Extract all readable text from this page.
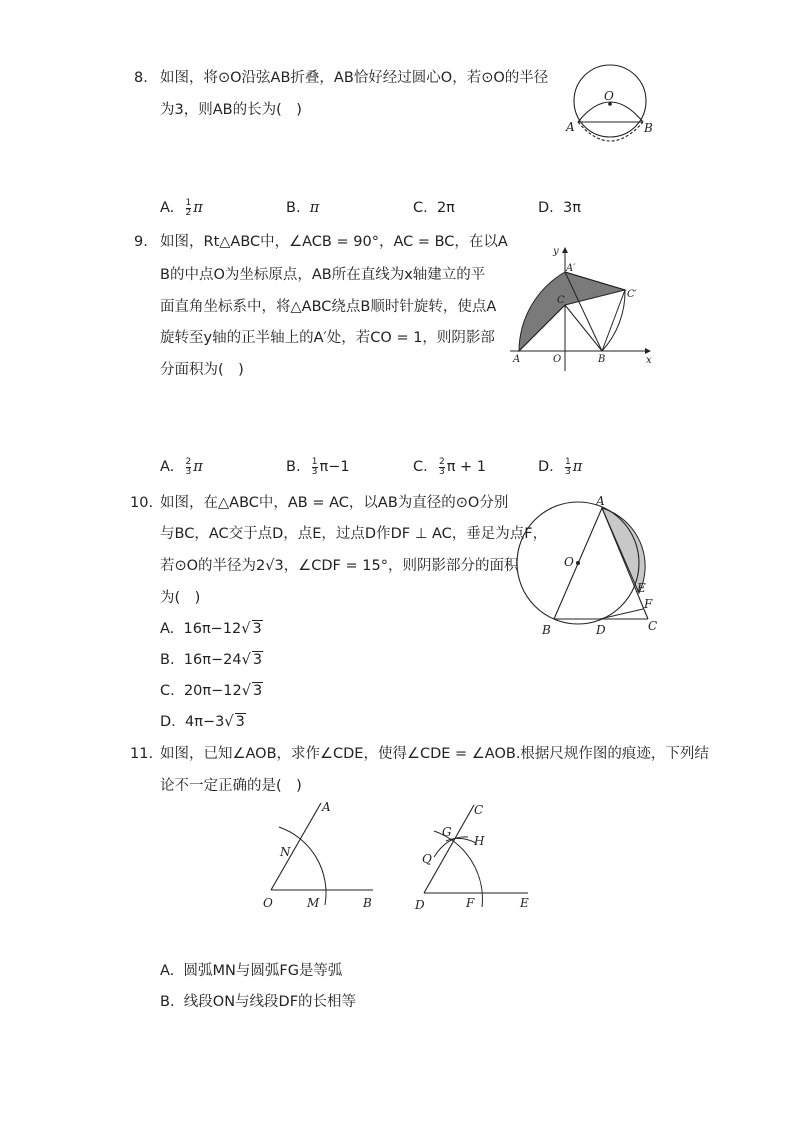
8. 如图，将⊙O沿弦AB折叠，AB恰好经过圆心O，若⊙O的半径
为3，则AB的长为(　)
O
A	B
A. $\frac{1}{2}$ π	B. π	C. 2π	D. 3π
9. 如图，Rt△ABC中，∠ACB = 90°，AC = BC，在以A
B的中点O为坐标原点，AB所在直线为x轴建立的平
面直角坐标系中，将△ABC绕点B顺时针旋转，使点A
旋转至y轴的正半轴上的A′处，若CO = 1，则阴影部
分面积为(　)
y
x
A′
C
C′
A	O	B
A. $\frac{2}{3}$ π	B. $\frac{1}{3} \pi-1$	C. $\frac{2}{3}$ π + 1	D. $\frac{1}{3}$ π
10. 如图，在△ABC中，AB = AC，以AB为直径的⊙O分别
与BC，AC交于点D，点E，过点D作DF ⊥ AC，垂足为点F，
若⊙O的半径为2√3，∠CDF = 15°，则阴影部分的面积
为(　)
A. 16π−12√ 3
B. 16π−24√ 3
C. 20π−12√ 3
D. 4π−3√ 3
A
O
E
F
B	D	C
11. 如图，已知∠AOB，求作∠CDE，使得∠CDE = ∠AOB.根据尺规作图的痕迹，下列结
论不一定正确的是(　)
A
N
O	M	B
C
G
H
Q
D	F	E
A. 圆弧MN与圆弧FG是等弧
B. 线段ON与线段DF的长相等
